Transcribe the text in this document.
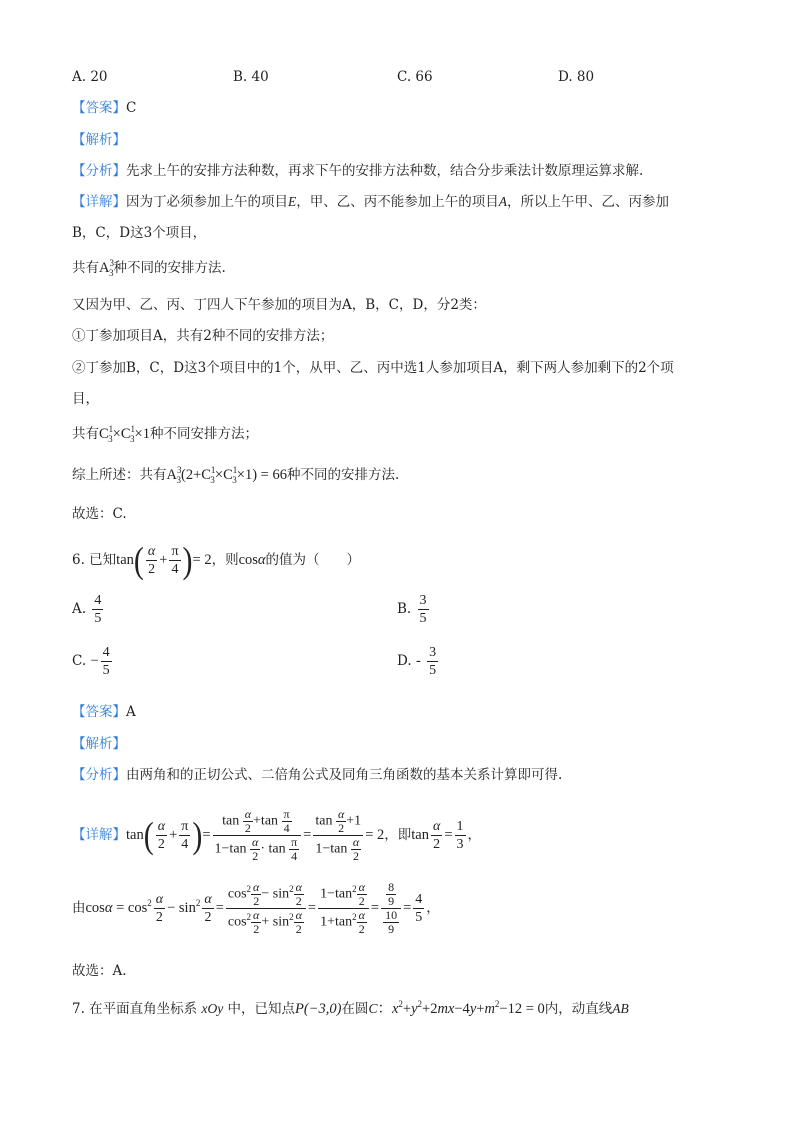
A. 20	B. 40	C. 66	D. 80
【答案】C
【解析】
【分析】先求上午的安排方法种数，再求下午的安排方法种数，结合分步乘法计数原理运算求解.
【详解】因为丁必须参加上午的项目E，甲、乙、丙不能参加上午的项目A，所以上午甲、乙、丙参加
B，C，D这3个项目，
共有$A^3_3$种不同的安排方法.
又因为甲、乙、丙、丁四人下午参加的项目为A，B，C，D，分2类：
①丁参加项目A，共有2种不同的安排方法；
②丁参加B，C，D这3个项目中的1个，从甲、乙、丙中选1人参加项目A，剩下两人参加剩下的2个项
目，
共有$C^1_3\times C^1_3\times 1$种不同安排方法；
综上所述：共有$A^3_3(2+C^1_3\times C^1_3\times 1) = 66$种不同的安排方法.
故选：C.
6. 已知$\tan( \frac{\alpha}{2} + \frac{\pi}{4}$ )= 2，则cosα的值为（　　）
A. $\frac{4}{5}$	B. $\frac{3}{5}$
C. − $\frac{4}{5}$	D. - $\frac{3}{5}$
【答案】A
【解析】
【分析】由两角和的正切公式、二倍角公式及同角三角函数的基本关系计算即可得.
【详解】$\tan( \frac{\alpha}{2} + \frac{\pi}{4}$ )= $\frac{\tan \frac{\alpha}{2} +\tan \frac{\pi}{4}}{1-\tan \frac{\alpha}{2} \cdot \tan \frac{\pi}{4}} = \frac{\tan \frac{\alpha}{2} +1}{1-\tan \frac{\alpha}{2}} = 2$，即$\tan \frac{\alpha}{2} = \frac{1}{3}$ ，
由$\cos\alpha = \cos^2 \frac{\alpha}{2} - \sin^2 \frac{\alpha}{2} = \frac{\cos^2 \frac{\alpha}{2} - \sin^2 \frac{\alpha}{2}}{\cos^2 \frac{\alpha}{2} + \sin^2 \frac{\alpha}{2}} = \frac{1-\tan^2 \frac{\alpha}{2}}{1+\tan^2 \frac{\alpha}{2}} = \frac{\frac{8}{9}}{\frac{10}{9}} = \frac{4}{5}$ ，
故选：A.
7. 在平面直角坐标系 xOy 中，已知点P(−3,0)在圆C：$x^2+y^2+2mx-4y+m^2-12 = 0$内，动直线AB
